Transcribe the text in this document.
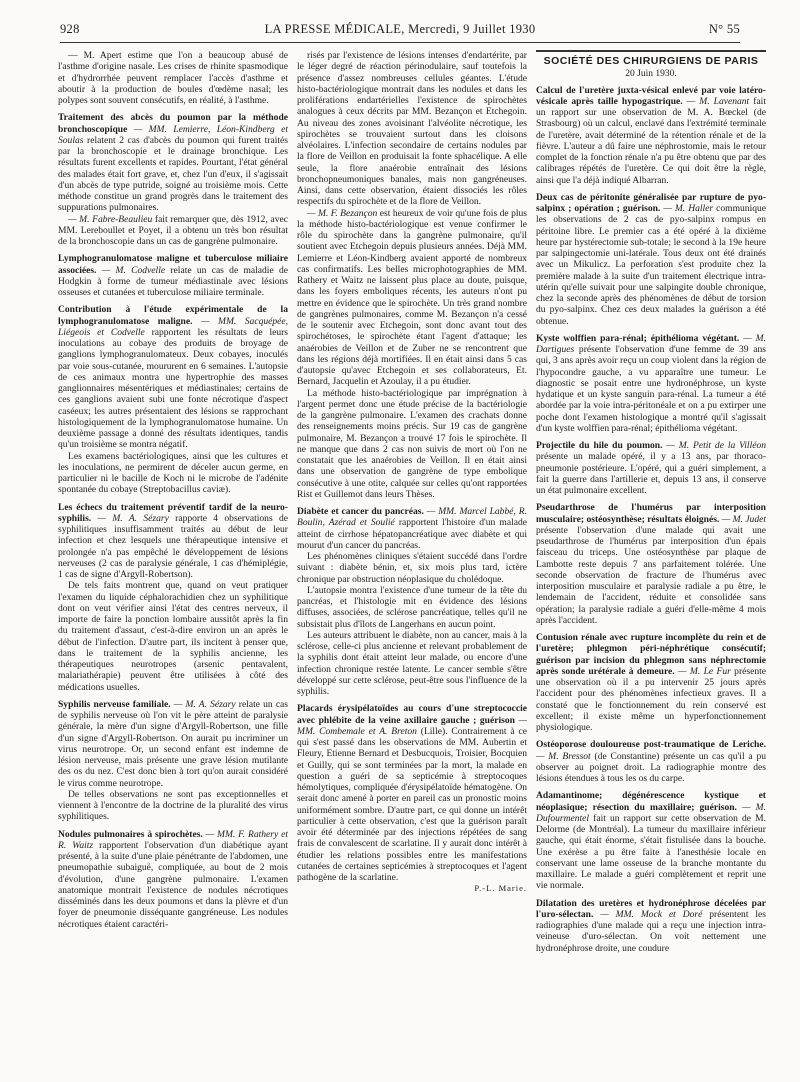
928	LA PRESSE MÉDICALE, Mercredi, 9 Juillet 1930	N° 55

— M. Apert estime que l'on a beaucoup abusé de l'asthme d'origine nasale. Les crises de rhinite spasmodique et d'hydrorrhée peuvent remplacer l'accès d'asthme et aboutir à la production de boules d'œdème nasal; les polypes sont souvent consécutifs, en réalité, à l'asthme.

Traitement des abcès du poumon par la méthode bronchoscopique — MM. Lemierre, Léon-Kindberg et Soulas relatent 2 cas d'abcès du poumon qui furent traités par la bronchoscopie et le drainage bronchique. Les résultats furent excellents et rapides. Pourtant, l'état général des malades était fort grave, et, chez l'un d'eux, il s'agissait d'un abcès de type putride, soigné au troisième mois. Cette méthode constitue un grand progrès dans le traitement des suppurations pulmonaires.

— M. Fabre-Beaulieu fait remarquer que, dès 1912, avec MM. Lereboullet et Poyet, il a obtenu un très bon résultat de la bronchoscopie dans un cas de gangrène pulmonaire.

Lymphogranulomatose maligne et tuberculose miliaire associées. — M. Codvelle relate un cas de maladie de Hodgkin à forme de tumeur médiastinale avec lésions osseuses et cutanées et tuberculose miliaire terminale.

Contribution à l'étude expérimentale de la lymphogranulomatose maligne. — MM. Sacquépée, Liégeois et Codvelle rapportent les résultats de leurs inoculations au cobaye des produits de broyage de ganglions lymphogranulomateux. Deux cobayes, inoculés par voie sous-cutanée, moururent en 6 semaines. L'autopsie de ces animaux montra une hypertrophie des masses ganglionnaires mésentériques et médiastinales; certains de ces ganglions avaient subi une fonte nécrotique d'aspect caséeux; les autres présentaient des lésions se rapprochant histologiquement de la lymphogranulomatose humaine. Un deuxième passage a donné des résultats identiques, tandis qu'un troisième se montra négatif.

Les examens bactériologiques, ainsi que les cultures et les inoculations, ne permirent de déceler aucun germe, en particulier ni le bacille de Koch ni le microbe de l'adénite spontanée du cobaye (Streptobacillus caviæ).

Les échecs du traitement préventif tardif de la neuro-syphilis. — M. A. Sézary rapporte 4 observations de syphilitiques insuffisamment traités au début de leur infection et chez lesquels une thérapeutique intensive et prolongée n'a pas empêché le développement de lésions nerveuses (2 cas de paralysie générale, 1 cas d'hémiplégie, 1 cas de signe d'Argyll-Robertson).

De tels faits montrent que, quand on veut pratiquer l'examen du liquide céphalorachidien chez un syphilitique dont on veut vérifier ainsi l'état des centres nerveux, il importe de faire la ponction lombaire aussitôt après la fin du traitement d'assaut, c'est-à-dire environ un an après le début de l'infection. D'autre part, ils incitent à penser que, dans le traitement de la syphilis ancienne, les thérapeutiques neurotropes (arsenic pentavalent, malariathérapie) peuvent être utilisées à côté des médications usuelles.

Syphilis nerveuse familiale. — M. A. Sézary relate un cas de syphilis nerveuse où l'on vit le père atteint de paralysie générale, la mère d'un signe d'Argyll-Robertson, une fille d'un signe d'Argyll-Robertson. On aurait pu incriminer un virus neurotrope. Or, un second enfant est indemne de lésion nerveuse, mais présente une grave lésion mutilante des os du nez. C'est donc bien à tort qu'on aurait considéré le virus comme neurotrope.

De telles observations ne sont pas exceptionnelles et viennent à l'encontre de la doctrine de la pluralité des virus syphilitiques.

Nodules pulmonaires à spirochètes. — MM. F. Rathery et R. Waitz rapportent l'observation d'un diabétique ayant présenté, à la suite d'une plaie pénétrante de l'abdomen, une pneumopathie subaiguë, compliquée, au bout de 2 mois d'évolution, d'une gangrène pulmonaire. L'examen anatomique montrait l'existence de nodules nécrotiques disséminés dans les deux poumons et dans la plèvre et d'un foyer de pneumonie disséquante gangréneuse. Les nodules nécrotiques étaient caractéri-

risés par l'existence de lésions intenses d'endartérite, par le léger degré de réaction périnodulaire, sauf toutefois la présence d'assez nombreuses cellules géantes. L'étude histo-bactériologique montrait dans les nodules et dans les proliférations endartérielles l'existence de spirochètes analogues à ceux décrits par MM. Bezançon et Etchegoin. Au niveau des zones avoisinant l'alvéolite nécrotique, les spirochètes se trouvaient surtout dans les cloisons alvéolaires. L'infection secondaire de certains nodules par la flore de Veillon en produisait la fonte sphacélique. A elle seule, la flore anaérobie entraînait des lésions bronchopneumoniques banales, mais non gangréneuses. Ainsi, dans cette observation, étaient dissociés les rôles respectifs du spirochète et de la flore de Veillon.

— M. F. Bezançon est heureux de voir qu'une fois de plus la méthode histo-bactériologique est venue confirmer le rôle du spirochète dans la gangrène pulmonaire, qu'il soutient avec Etchegoin depuis plusieurs années. Déjà MM. Lemierre et Léon-Kindberg avaient apporté de nombreux cas confirmatifs. Les belles microphotographies de MM. Rathery et Waitz ne laissent plus place au doute, puisque, dans les foyers emboliques récents, les auteurs n'ont pu mettre en évidence que le spirochète. Un très grand nombre de gangrènes pulmonaires, comme M. Bezançon n'a cessé de le soutenir avec Etchegoin, sont donc avant tout des spirochétoses, le spirochète étant l'agent d'attaque; les anaérobies de Veillon et de Zuber ne se rencontrent que dans les régions déjà mortifiées. Il en était ainsi dans 5 cas d'autopsie qu'avec Etchegoin et ses collaborateurs, Et. Bernard, Jacquelin et Azoulay, il a pu étudier.

La méthode histo-bactériologique par imprégnation à l'argent permet donc une étude précise de la bactériologie de la gangrène pulmonaire. L'examen des crachats donne des renseignements moins précis. Sur 19 cas de gangrène pulmonaire, M. Bezançon a trouvé 17 fois le spirochète. Il ne manque que dans 2 cas non suivis de mort où l'on ne constatait que les anaérobies de Veillon. Il en était ainsi dans une observation de gangrène de type embolique consécutive à une otite, calquée sur celles qu'ont rapportées Rist et Guillemot dans leurs Thèses.

Diabète et cancer du pancréas. — MM. Marcel Labbé, R. Boulin, Azérad et Soulié rapportent l'histoire d'un malade atteint de cirrhose hépatopancréatique avec diabète et qui mourut d'un cancer du pancréas.

Les phénomènes cliniques s'étaient succédé dans l'ordre suivant : diabète bénin, et, six mois plus tard, ictère chronique par obstruction néoplasique du cholédoque.

L'autopsie montra l'existence d'une tumeur de la tête du pancréas, et l'histologie mit en évidence des lésions diffuses, associées, de sclérose pancréatique, telles qu'il ne subsistait plus d'îlots de Langerhans en aucun point.

Les auteurs attribuent le diabète, non au cancer, mais à la sclérose, celle-ci plus ancienne et relevant probablement de la syphilis dont était atteint leur malade, ou encore d'une infection chronique restée latente. Le cancer semble s'être développé sur cette sclérose, peut-être sous l'influence de la syphilis.

Placards érysipélatoïdes au cours d'une streptococcie avec phlébite de la veine axillaire gauche ; guérison — MM. Combemale et A. Breton (Lille). Contrairement à ce qui s'est passé dans les observations de MM. Aubertin et Fleury, Etienne Bernard et Desbucquois, Troisier, Bocquien et Guilly, qui se sont terminées par la mort, la malade en question a guéri de sa septicémie à streptocoques hémolytiques, compliquée d'érysipélatoïde hématogène. On serait donc amené à porter en pareil cas un pronostic moins uniformément sombre. D'autre part, ce qui donne un intérêt particulier à cette observation, c'est que la guérison paraît avoir été déterminée par des injections répétées de sang frais de convalescent de scarlatine. Il y aurait donc intérêt à étudier les relations possibles entre les manifestations cutanées de certaines septicémies à streptocoques et l'agent pathogène de la scarlatine.

P.-L. Marie.

SOCIÉTÉ DES CHIRURGIENS DE PARIS
20 Juin 1930.

Calcul de l'uretère juxta-vésical enlevé par voie latéro-vésicale après taille hypogastrique. — M. Lavenant fait un rapport sur une observation de M. A. Bœckel (de Strasbourg) où un calcul, enclavé dans l'extrémité terminale de l'uretère, avait déterminé de la rétention rénale et de la fièvre. L'auteur a dû faire une néphrostomie, mais le retour complet de la fonction rénale n'a pu être obtenu que par des calibrages répétés de l'uretère. Ce qui doit être la règle, ainsi que l'a déjà indiqué Albarran.

Deux cas de péritonite généralisée par rupture de pyo-salpinx ; opération ; guérison. — M. Haller communique les observations de 2 cas de pyo-salpinx rompus en péritoine libre. Le premier cas a été opéré à la dixième heure par hystérectomie sub-totale; le second à la 19e heure par salpingectomie uni-latérale. Tous deux ont été drainés avec un Mikulicz. La perforation s'est produite chez la première malade à la suite d'un traitement électrique intra-utérin qu'elle suivait pour une salpingite double chronique, chez la seconde après des phénomènes de début de torsion du pyo-salpinx. Chez ces deux malades la guérison a été obtenue.

Kyste wolffien para-rénal; épithélioma végétant. — M. Dartigues présente l'observation d'une femme de 39 ans qui, 3 ans après avoir reçu un coup violent dans la région de l'hypocondre gauche, a vu apparaître une tumeur. Le diagnostic se posait entre une hydronéphrose, un kyste hydatique et un kyste sanguin para-rénal. La tumeur a été abordée par la voie intra-péritonéale et on a pu extirper une poche dont l'examen histologique a montré qu'il s'agissait d'un kyste wolffien para-rénal; épithélioma végétant.

Projectile du hile du poumon. — M. Petit de la Villéon présente un malade opéré, il y a 13 ans, par thoraco-pneumonie postérieure. L'opéré, qui a guéri simplement, a fait la guerre dans l'artillerie et, depuis 13 ans, il conserve un état pulmonaire excellent.

Pseudarthrose de l'humérus par interposition musculaire; ostéosynthèse; résultats éloignés. — M. Judet présente l'observation d'une malade qui avait une pseudarthrose de l'humérus par interposition d'un épais faisceau du triceps. Une ostéosynthèse par plaque de Lambotte reste depuis 7 ans parfaitement tolérée. Une seconde observation de fracture de l'humérus avec interposition musculaire et paralysie radiale a pu être, le lendemain de l'accident, réduite et consolidée sans opération; la paralysie radiale a guéri d'elle-même 4 mois après l'accident.

Contusion rénale avec rupture incomplète du rein et de l'uretère; phlegmon péri-néphrétique consécutif; guérison par incision du phlegmon sans néphrectomie après sonde urétérale à demeure. — M. Le Fur présente une observation où il a pu intervenir 25 jours après l'accident pour des phénomènes infectieux graves. Il a constaté que le fonctionnement du rein conservé est excellent; il existe même un hyperfonctionnement physiologique.

Ostéoporose douloureuse post-traumatique de Leriche. — M. Bressot (de Constantine) présente un cas qu'il a pu observer au poignet droit. La radiographie montre des lésions étendues à tous les os du carpe.

Adamantinome; dégénérescence kystique et néoplasique; résection du maxillaire; guérison. — M. Dufourmentel fait un rapport sur cette observation de M. Delorme (de Montréal). La tumeur du maxillaire inférieur gauche, qui était énorme, s'était fistulisée dans la bouche. Une exérèse a pu être faite à l'anesthésie locale en conservant une lame osseuse de la branche montante du maxillaire. Le malade a guéri complètement et reprit une vie normale.

Dilatation des uretères et hydronéphrose décelées par l'uro-sélectan. — MM. Mock et Doré présentent les radiographies d'une malade qui a reçu une injection intra-veineuse d'uro-sélectan. On voit nettement une hydronéphrose droite, une coudure
